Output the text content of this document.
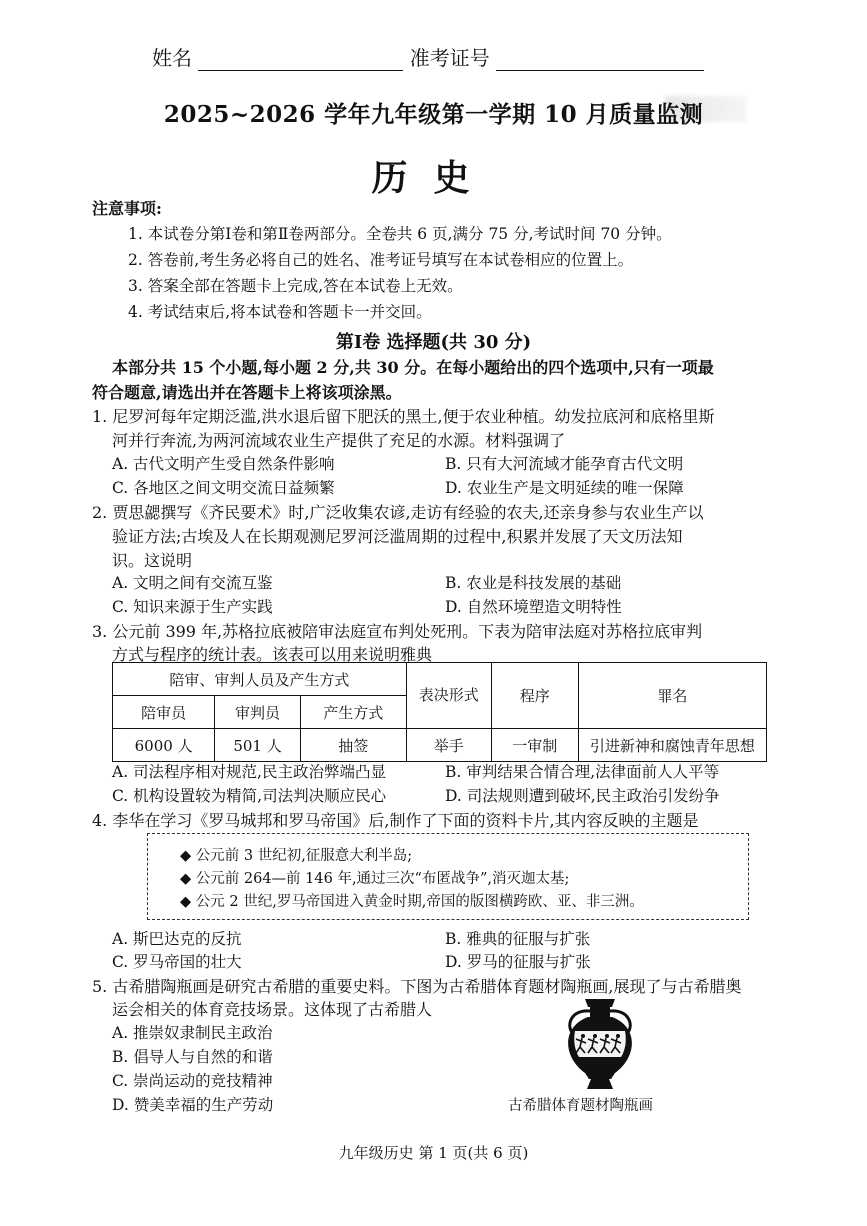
姓名	准考证号
2025~2026 学年九年级第一学期 10 月质量监测
历史
注意事项:
1. 本试卷分第Ⅰ卷和第Ⅱ卷两部分。全卷共 6 页,满分 75 分,考试时间 70 分钟。
2. 答卷前,考生务必将自己的姓名、准考证号填写在本试卷相应的位置上。
3. 答案全部在答题卡上完成,答在本试卷上无效。
4. 考试结束后,将本试卷和答题卡一并交回。
第Ⅰ卷 选择题(共 30 分)
本部分共 15 个小题,每小题 2 分,共 30 分。在每小题给出的四个选项中,只有一项最
符合题意,请选出并在答题卡上将该项涂黑。
1. 尼罗河每年定期泛滥,洪水退后留下肥沃的黑土,便于农业种植。幼发拉底河和底格里斯
河并行奔流,为两河流域农业生产提供了充足的水源。材料强调了
A. 古代文明产生受自然条件影响	B. 只有大河流域才能孕育古代文明
C. 各地区之间文明交流日益频繁	D. 农业生产是文明延续的唯一保障
2. 贾思勰撰写《齐民要术》时,广泛收集农谚,走访有经验的农夫,还亲身参与农业生产以
验证方法;古埃及人在长期观测尼罗河泛滥周期的过程中,积累并发展了天文历法知
识。这说明
A. 文明之间有交流互鉴	B. 农业是科技发展的基础
C. 知识来源于生产实践	D. 自然环境塑造文明特性
3. 公元前 399 年,苏格拉底被陪审法庭宣布判处死刑。下表为陪审法庭对苏格拉底审判
方式与程序的统计表。该表可以用来说明雅典
陪审、审判人员及产生方式			表决形式	程序	罪名
陪审员	审判员	产生方式			
6000 人	501 人	抽签	举手	一审制	引进新神和腐蚀青年思想
A. 司法程序相对规范,民主政治弊端凸显	B. 审判结果合情合理,法律面前人人平等
C. 机构设置较为精简,司法判决顺应民心	D. 司法规则遭到破坏,民主政治引发纷争
4. 李华在学习《罗马城邦和罗马帝国》后,制作了下面的资料卡片,其内容反映的主题是
◆ 公元前 3 世纪初,征服意大利半岛;
◆ 公元前 264—前 146 年,通过三次“布匿战争”,消灭迦太基;
◆ 公元 2 世纪,罗马帝国进入黄金时期,帝国的版图横跨欧、亚、非三洲。
A. 斯巴达克的反抗	B. 雅典的征服与扩张
C. 罗马帝国的壮大	D. 罗马的征服与扩张
5. 古希腊陶瓶画是研究古希腊的重要史料。下图为古希腊体育题材陶瓶画,展现了与古希腊奥
运会相关的体育竞技场景。这体现了古希腊人
A. 推崇奴隶制民主政治
B. 倡导人与自然的和谐
C. 崇尚运动的竞技精神
D. 赞美幸福的生产劳动	古希腊体育题材陶瓶画
九年级历史 第 1 页(共 6 页)
